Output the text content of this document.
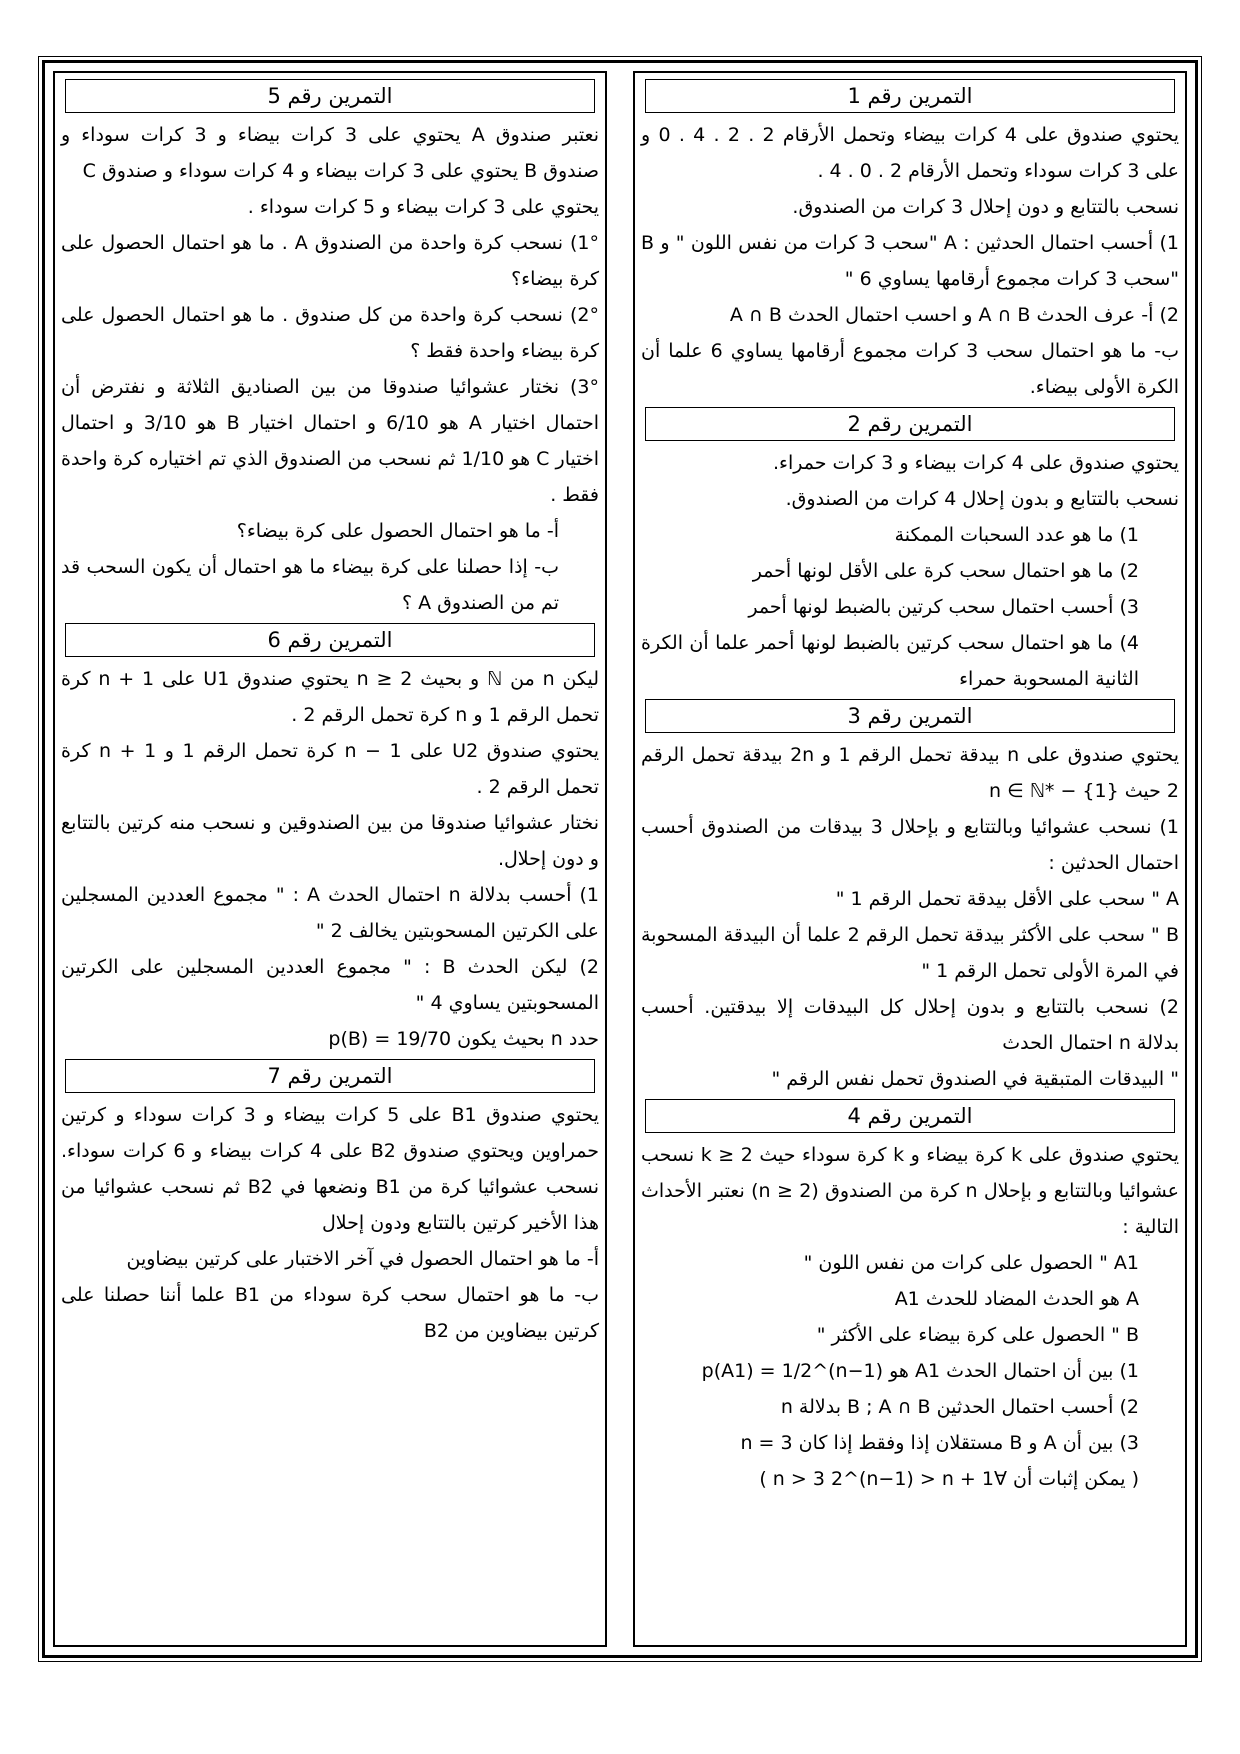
التمرين رقم 1

يحتوي صندوق على 4 كرات بيضاء وتحمل الأرقام 2 . 2 . 4 . 0 و على 3 كرات سوداء وتحمل الأرقام 2 . 0 . 4 .

نسحب بالتتابع و دون إحلال 3 كرات من الصندوق.

1) أحسب احتمال الحدثين : A "سحب 3 كرات من نفس اللون " و B "سحب 3 كرات مجموع أرقامها يساوي 6 "

2) أ- عرف الحدث A ∩ B و احسب احتمال الحدث A ∩ B

ب- ما هو احتمال سحب 3 كرات مجموع أرقامها يساوي 6 علما أن الكرة الأولى بيضاء.

التمرين رقم 2

يحتوي صندوق على 4 كرات بيضاء و 3 كرات حمراء.

نسحب بالتتابع و بدون إحلال 4 كرات من الصندوق.

1) ما هو عدد السحبات الممكنة

2) ما هو احتمال سحب كرة على الأقل لونها أحمر

3) أحسب احتمال سحب كرتين بالضبط لونها أحمر

4) ما هو احتمال سحب كرتين بالضبط لونها أحمر علما أن الكرة الثانية المسحوبة حمراء

التمرين رقم 3

يحتوي صندوق على n بيدقة تحمل الرقم 1 و 2n بيدقة تحمل الرقم 2 حيث n ∈ ℕ* − {1}

1) نسحب عشوائيا وبالتتابع و بإحلال 3 بيدقات من الصندوق أحسب احتمال الحدثين :

A " سحب على الأقل بيدقة تحمل الرقم 1 "

B " سحب على الأكثر بيدقة تحمل الرقم 2 علما أن البيدقة المسحوبة في المرة الأولى تحمل الرقم 1 "

2) نسحب بالتتابع و بدون إحلال كل البيدقات إلا بيدقتين. أحسب بدلالة n احتمال الحدث

" البيدقات المتبقية في الصندوق تحمل نفس الرقم "

التمرين رقم 4

يحتوي صندوق على k كرة بيضاء و k كرة سوداء حيث k ≥ 2 نسحب عشوائيا وبالتتابع و بإحلال n كرة من الصندوق (n ≥ 2) نعتبر الأحداث التالية :

A1 " الحصول على كرات من نفس اللون "

A هو الحدث المضاد للحدث A1

B " الحصول على كرة بيضاء على الأكثر "

1) بين أن احتمال الحدث A1 هو p(A1) = 1/2^(n−1)

2) أحسب احتمال الحدثين B ; A ∩ B بدلالة n

3) بين أن A و B مستقلان إذا وفقط إذا كان n = 3

( يمكن إثبات أن ∀n > 3 2^(n−1) > n + 1 )

التمرين رقم 5

نعتبر صندوق A يحتوي على 3 كرات بيضاء و 3 كرات سوداء و صندوق B يحتوي على 3 كرات بيضاء و 4 كرات سوداء و صندوق C

يحتوي على 3 كرات بيضاء و 5 كرات سوداء .

1°) نسحب كرة واحدة من الصندوق A . ما هو احتمال الحصول على كرة بيضاء؟

2°) نسحب كرة واحدة من كل صندوق . ما هو احتمال الحصول على كرة بيضاء واحدة فقط ؟

3°) نختار عشوائيا صندوقا من بين الصناديق الثلاثة و نفترض أن احتمال اختيار A هو 6/10 و احتمال اختيار B هو 3/10 و احتمال اختيار C هو 1/10 ثم نسحب من الصندوق الذي تم اختياره كرة واحدة فقط .

أ- ما هو احتمال الحصول على كرة بيضاء؟

ب- إذا حصلنا على كرة بيضاء ما هو احتمال أن يكون السحب قد تم من الصندوق A ؟

التمرين رقم 6

ليكن n من ℕ و بحيث n ≥ 2 يحتوي صندوق U1 على n + 1 كرة تحمل الرقم 1 و n كرة تحمل الرقم 2 .

يحتوي صندوق U2 على n − 1 كرة تحمل الرقم 1 و n + 1 كرة تحمل الرقم 2 .

نختار عشوائيا صندوقا من بين الصندوقين و نسحب منه كرتين بالتتابع و دون إحلال.

1) أحسب بدلالة n احتمال الحدث A : " مجموع العددين المسجلين على الكرتين المسحوبتين يخالف 2 "

2) ليكن الحدث B : " مجموع العددين المسجلين على الكرتين المسحوبتين يساوي 4 "

حدد n بحيث يكون p(B) = 19/70

التمرين رقم 7

يحتوي صندوق B1 على 5 كرات بيضاء و 3 كرات سوداء و كرتين حمراوين ويحتوي صندوق B2 على 4 كرات بيضاء و 6 كرات سوداء. نسحب عشوائيا كرة من B1 ونضعها في B2 ثم نسحب عشوائيا من هذا الأخير كرتين بالتتابع ودون إحلال

أ- ما هو احتمال الحصول في آخر الاختبار على كرتين بيضاوين

ب- ما هو احتمال سحب كرة سوداء من B1 علما أننا حصلنا على كرتين بيضاوين من B2
